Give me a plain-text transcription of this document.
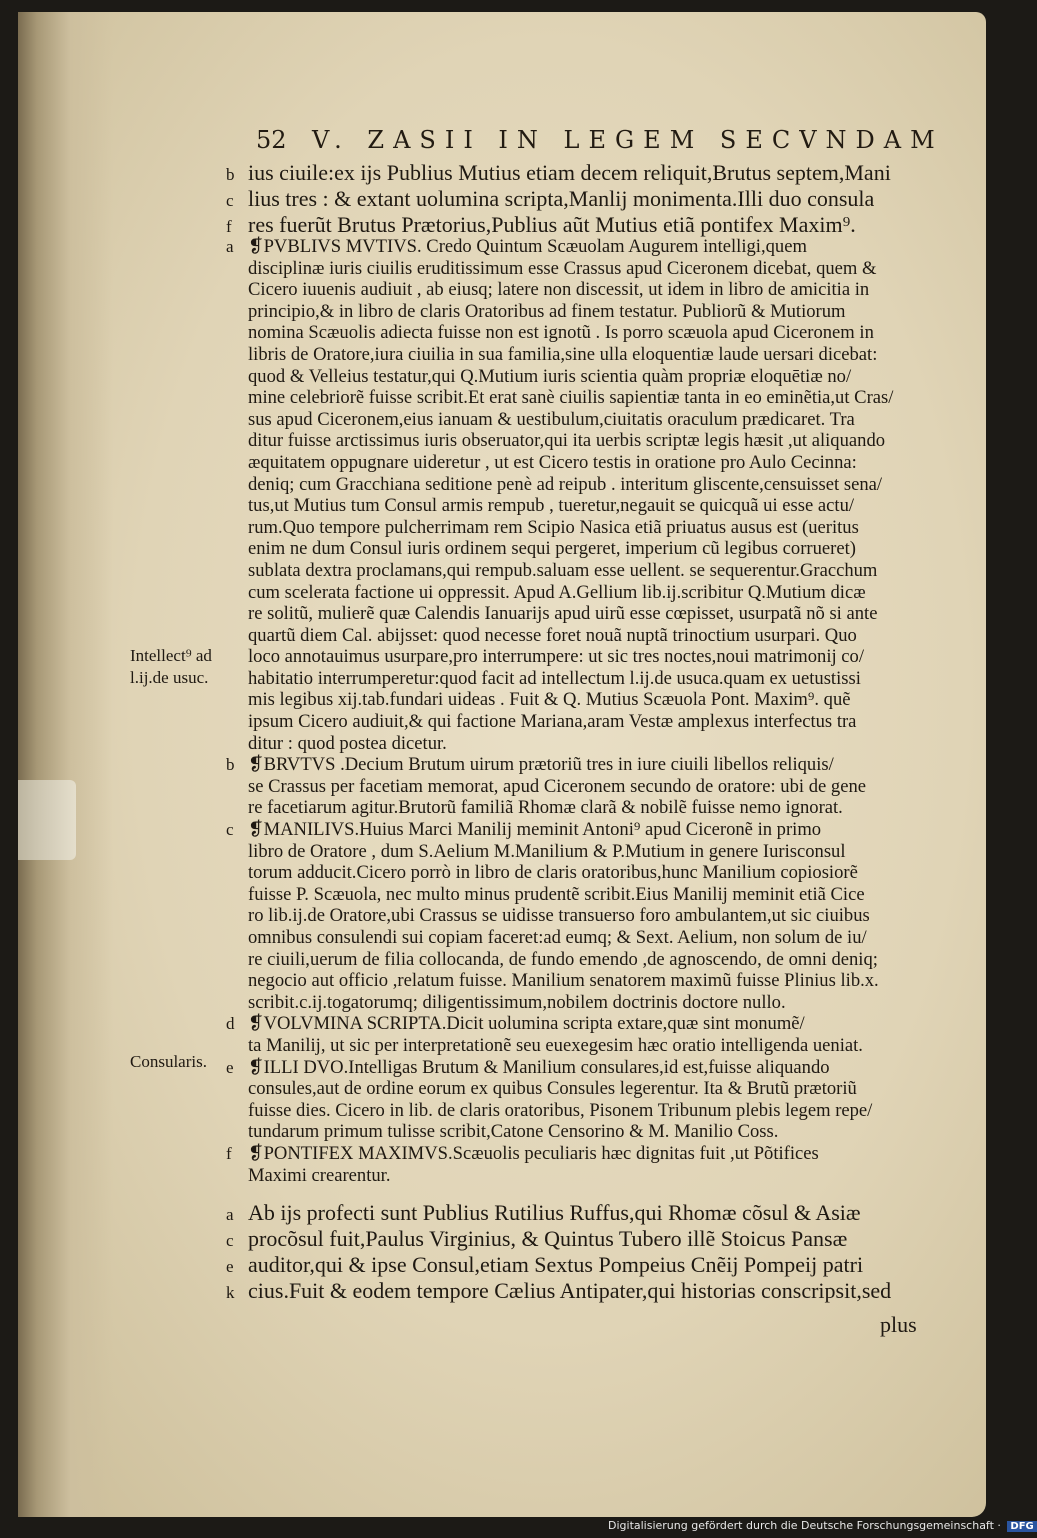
52 V. ZASII IN LEGEM SECVNDAM
Intellect⁹ ad
l.ij.de usuc.
Consularis.
b ius ciuile:ex ijs Publius Mutius etiam decem reliquit,Brutus septem,Mani
c lius tres : & extant uolumina scripta,Manlij monimenta.Illi duo consula
f res fuerũt Brutus Prætorius,Publius aũt Mutius etiã pontifex Maxim⁹.
a ❡PVBLIVS MVTIVS. Credo Quintum Scæuolam Augurem intelligi,quem
disciplinæ iuris ciuilis eruditissimum esse Crassus apud Ciceronem dicebat, quem &
Cicero iuuenis audiuit , ab eiusq; latere non discessit, ut idem in libro de amicitia in
principio,& in libro de claris Oratoribus ad finem testatur. Publiorũ & Mutiorum
nomina Scæuolis adiecta fuisse non est ignotũ . Is porro scæuola apud Ciceronem in
libris de Oratore,iura ciuilia in sua familia,sine ulla eloquentiæ laude uersari dicebat:
quod & Velleius testatur,qui Q.Mutium iuris scientia quàm propriæ eloquētiæ no/
mine celebriorẽ fuisse scribit.Et erat sanè ciuilis sapientiæ tanta in eo eminẽtia,ut Cras/
sus apud Ciceronem,eius ianuam & uestibulum,ciuitatis oraculum prædicaret. Tra
ditur fuisse arctissimus iuris obseruator,qui ita uerbis scriptæ legis hæsit ,ut aliquando
æquitatem oppugnare uideretur , ut est Cicero testis in oratione pro Aulo Cecinna:
deniq; cum Gracchiana seditione penè ad reipub . interitum gliscente,censuisset sena/
tus,ut Mutius tum Consul armis rempub , tueretur,negauit se quicquã ui esse actu/
rum.Quo tempore pulcherrimam rem Scipio Nasica etiã priuatus ausus est (ueritus
enim ne dum Consul iuris ordinem sequi pergeret, imperium cũ legibus corrueret)
sublata dextra proclamans,qui rempub.saluam esse uellent. se sequerentur.Gracchum
cum scelerata factione ui oppressit. Apud A.Gellium lib.ij.scribitur Q.Mutium dicæ
re solitũ, mulierẽ quæ Calendis Ianuarijs apud uirũ esse cœpisset, usurpatã nõ si ante
quartũ diem Cal. abijsset: quod necesse foret nouã nuptã trinoctium usurpari. Quo
loco annotauimus usurpare,pro interrumpere: ut sic tres noctes,noui matrimonij co/
habitatio interrumperetur:quod facit ad intellectum l.ij.de usuca.quam ex uetustissi
mis legibus xij.tab.fundari uideas . Fuit & Q. Mutius Scæuola Pont. Maxim⁹. quẽ
ipsum Cicero audiuit,& qui factione Mariana,aram Vestæ amplexus interfectus tra
ditur : quod postea dicetur.
b ❡BRVTVS .Decium Brutum uirum prætoriũ tres in iure ciuili libellos reliquis/
se Crassus per facetiam memorat, apud Ciceronem secundo de oratore: ubi de gene
re facetiarum agitur.Brutorũ familiã Rhomæ clarã & nobilẽ fuisse nemo ignorat.
c ❡MANILIVS.Huius Marci Manilij meminit Antoni⁹ apud Ciceronẽ in primo
libro de Oratore , dum S.Aelium M.Manilium & P.Mutium in genere Iurisconsul
torum adducit.Cicero porrò in libro de claris oratoribus,hunc Manilium copiosiorẽ
fuisse P. Scæuola, nec multo minus prudentẽ scribit.Eius Manilij meminit etiã Cice
ro lib.ij.de Oratore,ubi Crassus se uidisse transuerso foro ambulantem,ut sic ciuibus
omnibus consulendi sui copiam faceret:ad eumq; & Sext. Aelium, non solum de iu/
re ciuili,uerum de filia collocanda, de fundo emendo ,de agnoscendo, de omni deniq;
negocio aut officio ,relatum fuisse. Manilium senatorem maximũ fuisse Plinius lib.x.
scribit.c.ij.togatorumq; diligentissimum,nobilem doctrinis doctore nullo.
d ❡VOLVMINA SCRIPTA.Dicit uolumina scripta extare,quæ sint monumẽ/
ta Manilij, ut sic per interpretationẽ seu euexegesim hæc oratio intelligenda ueniat.
e ❡ILLI DVO.Intelligas Brutum & Manilium consulares,id est,fuisse aliquando
consules,aut de ordine eorum ex quibus Consules legerentur. Ita & Brutũ prætoriũ
fuisse dies. Cicero in lib. de claris oratoribus, Pisonem Tribunum plebis legem repe/
tundarum primum tulisse scribit,Catone Censorino & M. Manilio Coss.
f ❡PONTIFEX MAXIMVS.Scæuolis peculiaris hæc dignitas fuit ,ut Põtifices
Maximi crearentur.
a Ab ijs profecti sunt Publius Rutilius Ruffus,qui Rhomæ cõsul & Asiæ
c procõsul fuit,Paulus Virginius, & Quintus Tubero illẽ Stoicus Pansæ
e auditor,qui & ipse Consul,etiam Sextus Pompeius Cnẽij Pompeij patri
k cius.Fuit & eodem tempore Cælius Antipater,qui historias conscripsit,sed
plus
Digitalisierung gefördert durch die Deutsche Forschungsgemeinschaft · DFG
